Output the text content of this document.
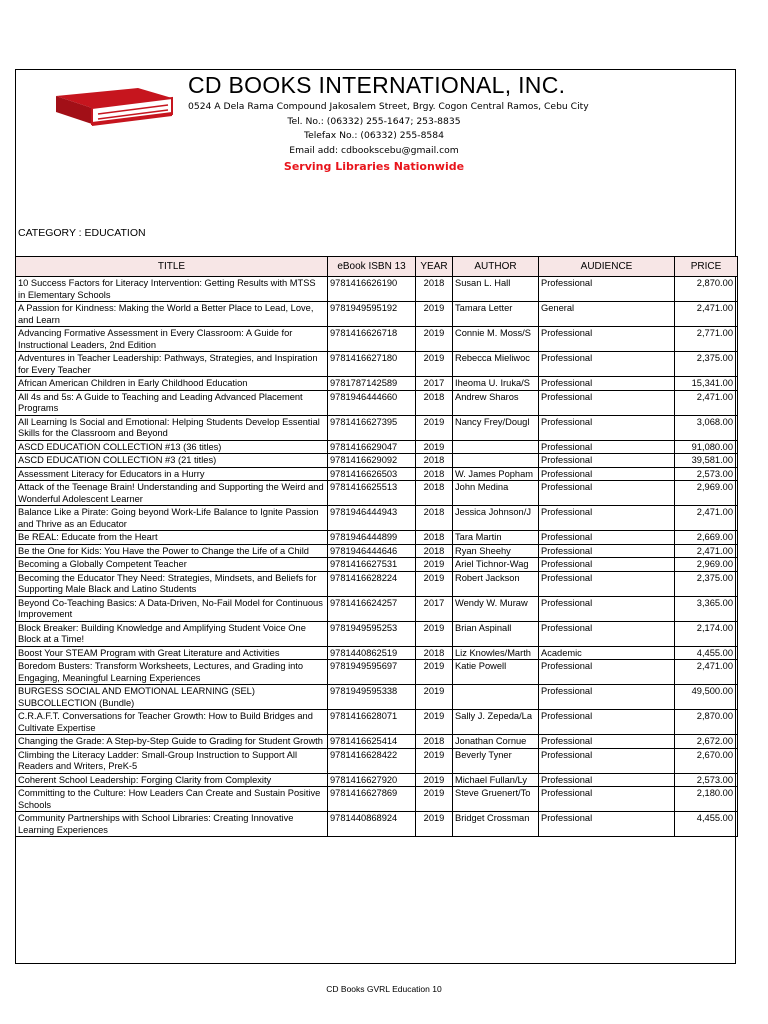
CD BOOKS INTERNATIONAL, INC.
0524 A Dela Rama Compound Jakosalem Street, Brgy. Cogon Central Ramos, Cebu City
Tel. No.: (06332) 255-1647; 253-8835
Telefax No.: (06332) 255-8584
Email add: cdbookscebu@gmail.com
Serving Libraries Nationwide
CATEGORY : EDUCATION
TITLE	eBook ISBN 13	YEAR	AUTHOR	AUDIENCE	PRICE
10 Success Factors for Literacy Intervention: Getting Results with MTSS in Elementary Schools	9781416626190	2018	Susan L. Hall	Professional	2,870.00
A Passion for Kindness: Making the World a Better Place to Lead, Love, and Learn	9781949595192	2019	Tamara Letter	General	2,471.00
Advancing Formative Assessment in Every Classroom: A Guide for Instructional Leaders, 2nd Edition	9781416626718	2019	Connie M. Moss/S	Professional	2,771.00
Adventures in Teacher Leadership: Pathways, Strategies, and Inspiration for Every Teacher	9781416627180	2019	Rebecca Mieliwoc	Professional	2,375.00
African American Children in Early Childhood Education	9781787142589	2017	Iheoma U. Iruka/S	Professional	15,341.00
All 4s and 5s: A Guide to Teaching and Leading Advanced Placement Programs	9781946444660	2018	Andrew Sharos	Professional	2,471.00
All Learning Is Social and Emotional: Helping Students Develop Essential Skills for the Classroom and Beyond	9781416627395	2019	Nancy Frey/Dougl	Professional	3,068.00
ASCD EDUCATION COLLECTION #13 (36 titles)	9781416629047	2019		Professional	91,080.00
ASCD EDUCATION COLLECTION #3 (21 titles)	9781416629092	2018		Professional	39,581.00
Assessment Literacy for Educators in a Hurry	9781416626503	2018	W. James Popham	Professional	2,573.00
Attack of the Teenage Brain! Understanding and Supporting the Weird and Wonderful Adolescent Learner	9781416625513	2018	John Medina	Professional	2,969.00
Balance Like a Pirate: Going beyond Work-Life Balance to Ignite Passion and Thrive as an Educator	9781946444943	2018	Jessica Johnson/J	Professional	2,471.00
Be REAL: Educate from the Heart	9781946444899	2018	Tara Martin	Professional	2,669.00
Be the One for Kids: You Have the Power to Change the Life of a Child	9781946444646	2018	Ryan Sheehy	Professional	2,471.00
Becoming a Globally Competent Teacher	9781416627531	2019	Ariel Tichnor-Wag	Professional	2,969.00
Becoming the Educator They Need: Strategies, Mindsets, and Beliefs for Supporting Male Black and Latino Students	9781416628224	2019	Robert Jackson	Professional	2,375.00
Beyond Co-Teaching Basics: A Data-Driven, No-Fail Model for Continuous Improvement	9781416624257	2017	Wendy W. Muraw	Professional	3,365.00
Block Breaker: Building Knowledge and Amplifying Student Voice One Block at a Time!	9781949595253	2019	Brian Aspinall	Professional	2,174.00
Boost Your STEAM Program with Great Literature and Activities	9781440862519	2018	Liz Knowles/Marth	Academic	4,455.00
Boredom Busters: Transform Worksheets, Lectures, and Grading into Engaging, Meaningful Learning Experiences	9781949595697	2019	Katie Powell	Professional	2,471.00
BURGESS SOCIAL AND EMOTIONAL LEARNING (SEL) SUBCOLLECTION (Bundle)	9781949595338	2019		Professional	49,500.00
C.R.A.F.T. Conversations for Teacher Growth: How to Build Bridges and Cultivate Expertise	9781416628071	2019	Sally J. Zepeda/La	Professional	2,870.00
Changing the Grade: A Step-by-Step Guide to Grading for Student Growth	9781416625414	2018	Jonathan Cornue	Professional	2,672.00
Climbing the Literacy Ladder: Small-Group Instruction to Support All Readers and Writers, PreK-5	9781416628422	2019	Beverly Tyner	Professional	2,670.00
Coherent School Leadership: Forging Clarity from Complexity	9781416627920	2019	Michael Fullan/Ly	Professional	2,573.00
Committing to the Culture: How Leaders Can Create and Sustain Positive Schools	9781416627869	2019	Steve Gruenert/To	Professional	2,180.00
Community Partnerships with School Libraries: Creating Innovative Learning Experiences	9781440868924	2019	Bridget Crossman	Professional	4,455.00
CD Books GVRL Education 10
